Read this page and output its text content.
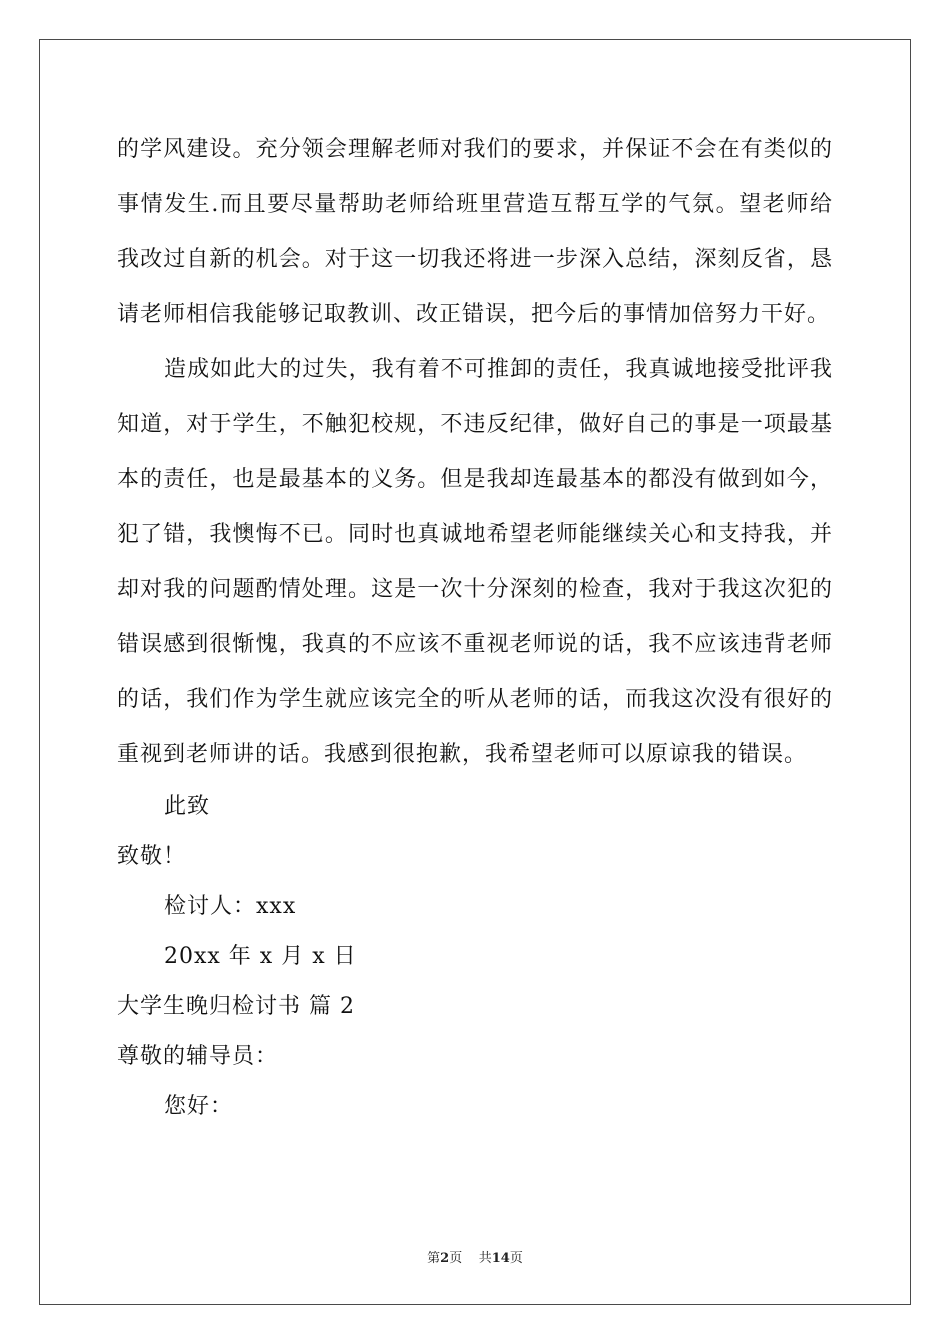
的学风建设。充分领会理解老师对我们的要求，并保证不会在有类似的事情发生.而且要尽量帮助老师给班里营造互帮互学的气氛。望老师给我改过自新的机会。对于这一切我还将进一步深入总结，深刻反省，恳请老师相信我能够记取教训、改正错误，把今后的事情加倍努力干好。

造成如此大的过失，我有着不可推卸的责任，我真诚地接受批评我知道，对于学生，不触犯校规，不违反纪律，做好自己的事是一项最基本的责任，也是最基本的义务。但是我却连最基本的都没有做到如今，犯了错，我懊悔不已。同时也真诚地希望老师能继续关心和支持我，并却对我的问题酌情处理。这是一次十分深刻的检查，我对于我这次犯的错误感到很惭愧，我真的不应该不重视老师说的话，我不应该违背老师的话，我们作为学生就应该完全的听从老师的话，而我这次没有很好的重视到老师讲的话。我感到很抱歉，我希望老师可以原谅我的错误。

此致

致敬！

检讨人：xxx

20xx 年 x 月 x 日

大学生晚归检讨书 篇 2

尊敬的辅导员：

您好：

第2页    共14页
